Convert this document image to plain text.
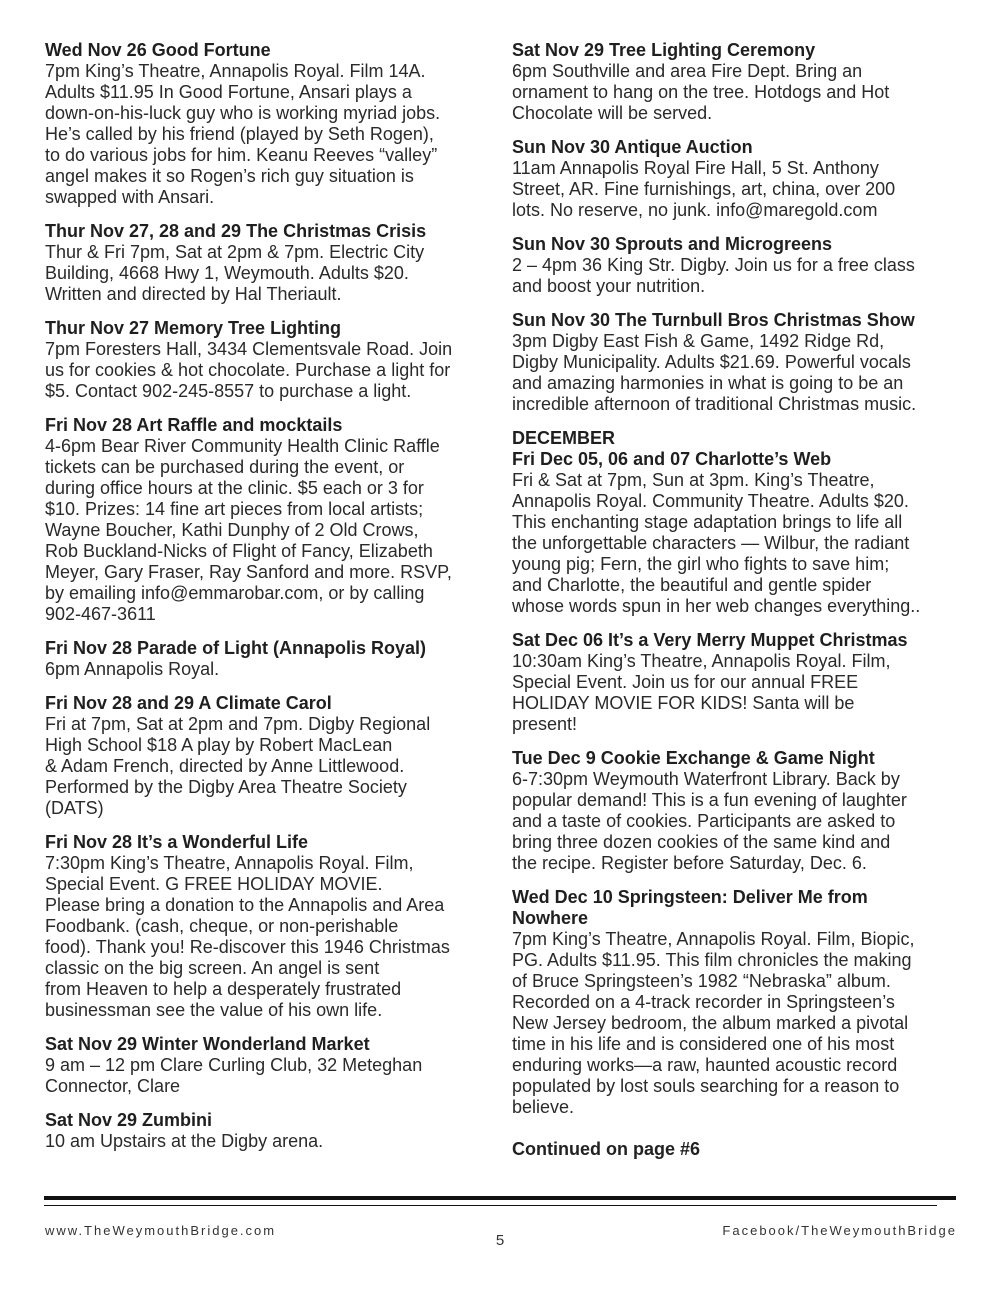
Wed Nov 26 Good Fortune
7pm King’s Theatre, Annapolis Royal. Film 14A.
Adults $11.95 In Good Fortune, Ansari plays a
down-on-his-luck guy who is working myriad jobs.
He’s called by his friend (played by Seth Rogen),
to do various jobs for him. Keanu Reeves “valley”
angel makes it so Rogen’s rich guy situation is
swapped with Ansari.
Thur Nov 27, 28 and 29 The Christmas Crisis
Thur & Fri 7pm, Sat at 2pm & 7pm. Electric City
Building, 4668 Hwy 1, Weymouth. Adults $20.
Written and directed by Hal Theriault.
Thur Nov 27 Memory Tree Lighting
7pm Foresters Hall, 3434 Clementsvale Road. Join
us for cookies & hot chocolate. Purchase a light for
$5. Contact 902-245-8557 to purchase a light.
Fri Nov 28 Art Raffle and mocktails
4-6pm Bear River Community Health Clinic Raffle
tickets can be purchased during the event, or
during office hours at the clinic. $5 each or 3 for
$10. Prizes: 14 fine art pieces from local artists;
Wayne Boucher, Kathi Dunphy of 2 Old Crows,
Rob Buckland-Nicks of Flight of Fancy, Elizabeth
Meyer, Gary Fraser, Ray Sanford and more. RSVP,
by emailing info@emmarobar.com, or by calling
902-467-3611
Fri Nov 28 Parade of Light (Annapolis Royal)
6pm Annapolis Royal.
Fri Nov 28 and 29 A Climate Carol
Fri at 7pm, Sat at 2pm and 7pm. Digby Regional
High School $18 A play by Robert MacLean
& Adam French, directed by Anne Littlewood.
Performed by the Digby Area Theatre Society
(DATS)
Fri Nov 28 It’s a Wonderful Life
7:30pm King’s Theatre, Annapolis Royal. Film,
Special Event. G FREE HOLIDAY MOVIE.
Please bring a donation to the Annapolis and Area
Foodbank. (cash, cheque, or non-perishable
food). Thank you! Re-discover this 1946 Christmas
classic on the big screen. An angel is sent
from Heaven to help a desperately frustrated
businessman see the value of his own life.
Sat Nov 29 Winter Wonderland Market
9 am – 12 pm Clare Curling Club, 32 Meteghan
Connector, Clare
Sat Nov 29 Zumbini
10 am Upstairs at the Digby arena.
Sat Nov 29 Tree Lighting Ceremony
6pm Southville and area Fire Dept. Bring an
ornament to hang on the tree. Hotdogs and Hot
Chocolate will be served.
Sun Nov 30 Antique Auction
11am Annapolis Royal Fire Hall, 5 St. Anthony
Street, AR. Fine furnishings, art, china, over 200
lots. No reserve, no junk. info@maregold.com
Sun Nov 30 Sprouts and Microgreens
2 – 4pm 36 King Str. Digby. Join us for a free class
and boost your nutrition.
Sun Nov 30 The Turnbull Bros Christmas Show
3pm Digby East Fish & Game, 1492 Ridge Rd,
Digby Municipality. Adults $21.69. Powerful vocals
and amazing harmonies in what is going to be an
incredible afternoon of traditional Christmas music.
DECEMBER
Fri Dec 05, 06 and 07 Charlotte’s Web
Fri & Sat at 7pm, Sun at 3pm. King’s Theatre,
Annapolis Royal. Community Theatre. Adults $20.
This enchanting stage adaptation brings to life all
the unforgettable characters — Wilbur, the radiant
young pig; Fern, the girl who fights to save him;
and Charlotte, the beautiful and gentle spider
whose words spun in her web changes everything..
Sat Dec 06 It’s a Very Merry Muppet Christmas
10:30am King’s Theatre, Annapolis Royal. Film,
Special Event. Join us for our annual FREE
HOLIDAY MOVIE FOR KIDS! Santa will be
present!
Tue Dec 9 Cookie Exchange & Game Night
6-7:30pm Weymouth Waterfront Library. Back by
popular demand! This is a fun evening of laughter
and a taste of cookies. Participants are asked to
bring three dozen cookies of the same kind and
the recipe. Register before Saturday, Dec. 6.
Wed Dec 10 Springsteen: Deliver Me from
Nowhere
7pm King’s Theatre, Annapolis Royal. Film, Biopic,
PG. Adults $11.95. This film chronicles the making
of Bruce Springsteen’s 1982 “Nebraska” album.
Recorded on a 4-track recorder in Springsteen’s
New Jersey bedroom, the album marked a pivotal
time in his life and is considered one of his most
enduring works—a raw, haunted acoustic record
populated by lost souls searching for a reason to
believe.
Continued on page #6
www.TheWeymouthBridge.com
5
Facebook/TheWeymouthBridge
